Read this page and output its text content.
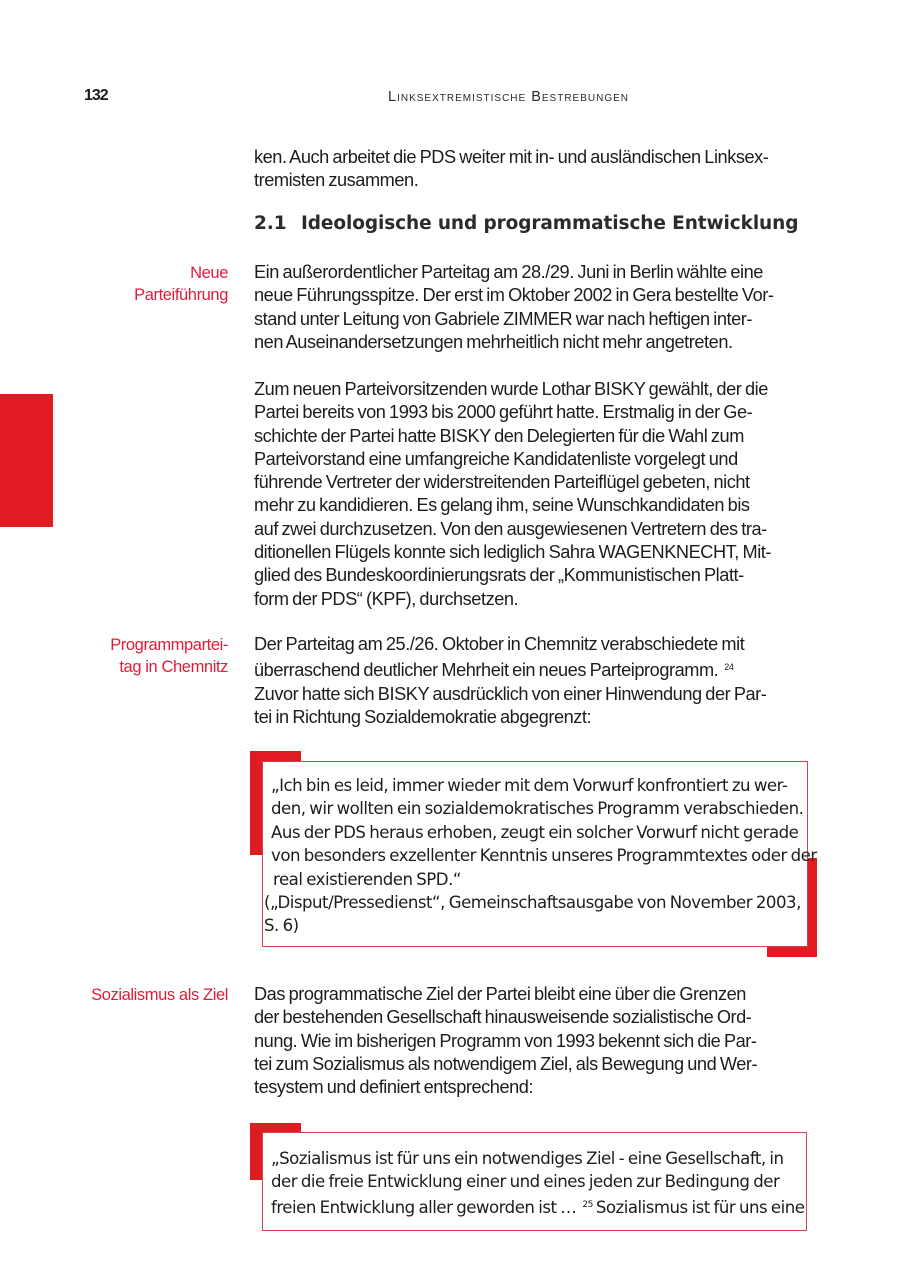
132	Linksextremistische Bestrebungen
ken. Auch arbeitet die PDS weiter mit in- und ausländischen Linksex-
tremisten zusammen.
2.1 Ideologische und programmatische Entwicklung
Neue
Parteiführung
Ein außerordentlicher Parteitag am 28./29. Juni in Berlin wählte eine
neue Führungsspitze. Der erst im Oktober 2002 in Gera bestellte Vor-
stand unter Leitung von Gabriele ZIMMER war nach heftigen inter-
nen Auseinandersetzungen mehrheitlich nicht mehr angetreten.
Zum neuen Parteivorsitzenden wurde Lothar BISKY gewählt, der die
Partei bereits von 1993 bis 2000 geführt hatte. Erstmalig in der Ge-
schichte der Partei hatte BISKY den Delegierten für die Wahl zum
Parteivorstand eine umfangreiche Kandidatenliste vorgelegt und
führende Vertreter der widerstreitenden Parteiflügel gebeten, nicht
mehr zu kandidieren. Es gelang ihm, seine Wunschkandidaten bis
auf zwei durchzusetzen. Von den ausgewiesenen Vertretern des tra-
ditionellen Flügels konnte sich lediglich Sahra WAGENKNECHT, Mit-
glied des Bundeskoordinierungsrats der „Kommunistischen Platt-
form der PDS“ (KPF), durchsetzen.
Programmpartei-
tag in Chemnitz
Der Parteitag am 25./26. Oktober in Chemnitz verabschiedete mit
überraschend deutlicher Mehrheit ein neues Parteiprogramm. $^{24}$
Zuvor hatte sich BISKY ausdrücklich von einer Hinwendung der Par-
tei in Richtung Sozialdemokratie abgegrenzt:
„Ich bin es leid, immer wieder mit dem Vorwurf konfrontiert zu wer-
den, wir wollten ein sozialdemokratisches Programm verabschieden.
Aus der PDS heraus erhoben, zeugt ein solcher Vorwurf nicht gerade
von besonders exzellenter Kenntnis unseres Programmtextes oder der
real existierenden SPD.“
(„Disput/Pressedienst“, Gemeinschaftsausgabe von November 2003,
S. 6)
Sozialismus als Ziel Das programmatische Ziel der Partei bleibt eine über die Grenzen
der bestehenden Gesellschaft hinausweisende sozialistische Ord-
nung. Wie im bisherigen Programm von 1993 bekennt sich die Par-
tei zum Sozialismus als notwendigem Ziel, als Bewegung und Wer-
tesystem und definiert entsprechend:
„Sozialismus ist für uns ein notwendiges Ziel - eine Gesellschaft, in
der die freie Entwicklung einer und eines jeden zur Bedingung der
freien Entwicklung aller geworden ist … $^{25}$ Sozialismus ist für uns eine
